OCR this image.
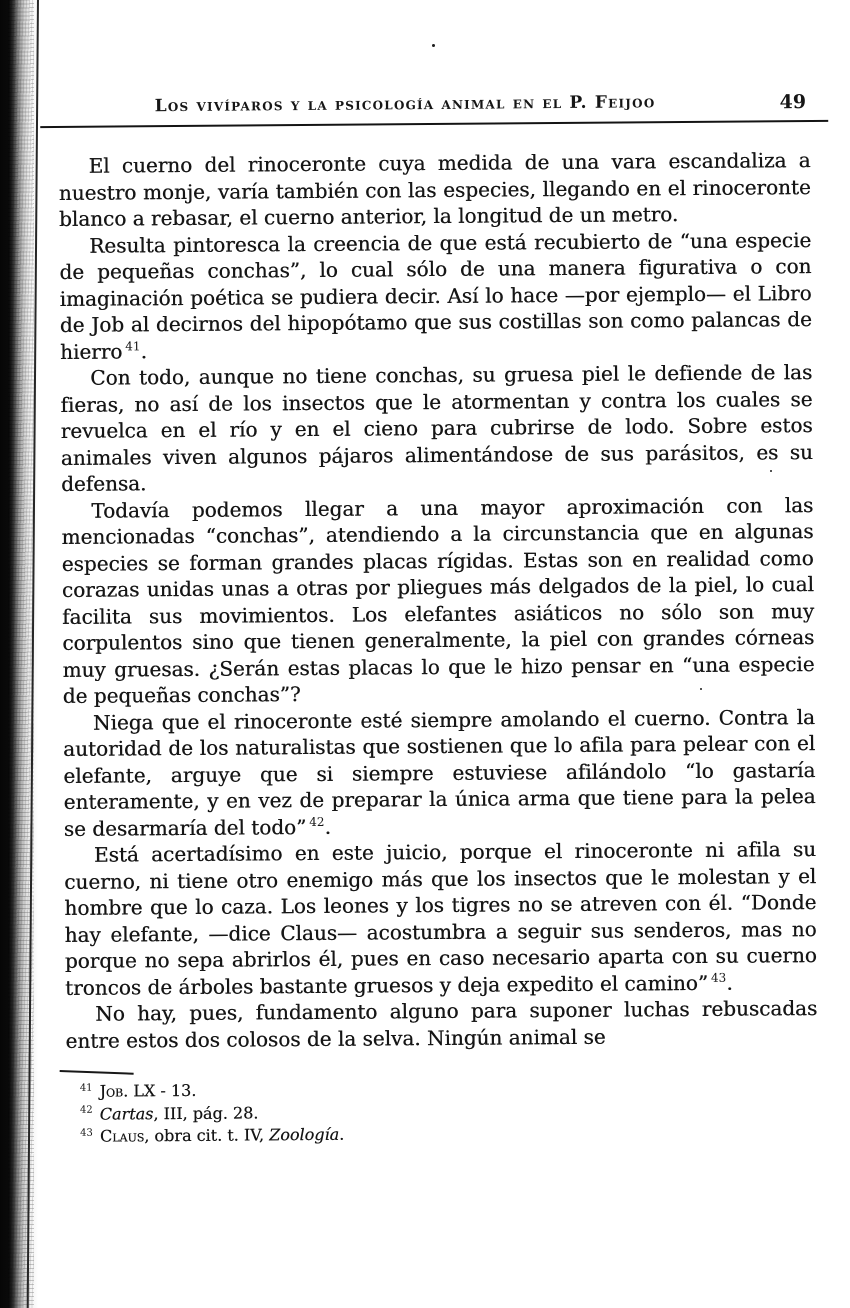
Los vivíparos y la psicología animal en el P. Feijoo	49

El cuerno del rinoceronte cuya medida de una vara escandaliza a nuestro monje, varía también con las especies, llegando en el rinoceronte blanco a rebasar, el cuerno anterior, la longitud de un metro.

Resulta pintoresca la creencia de que está recubierto de “una especie de pequeñas conchas”, lo cual sólo de una manera figurativa o con imaginación poética se pudiera decir. Así lo hace —por ejemplo— el Libro de Job al decirnos del hipopótamo que sus costillas son como palancas de hierro $^{41}$.

Con todo, aunque no tiene conchas, su gruesa piel le defiende de las fieras, no así de los insectos que le atormentan y contra los cuales se revuelca en el río y en el cieno para cubrirse de lodo. Sobre estos animales viven algunos pájaros alimentándose de sus parásitos, es su defensa.

Todavía podemos llegar a una mayor aproximación con las mencionadas “conchas”, atendiendo a la circunstancia que en algunas especies se forman grandes placas rígidas. Estas son en realidad como corazas unidas unas a otras por pliegues más delgados de la piel, lo cual facilita sus movimientos. Los elefantes asiáticos no sólo son muy corpulentos sino que tienen generalmente, la piel con grandes córneas muy gruesas. ¿Serán estas placas lo que le hizo pensar en “una especie de pequeñas conchas”?

Niega que el rinoceronte esté siempre amolando el cuerno. Contra la autoridad de los naturalistas que sostienen que lo afila para pelear con el elefante, arguye que si siempre estuviese afilándolo “lo gastaría enteramente, y en vez de preparar la única arma que tiene para la pelea se desarmaría del todo” $^{42}$.

Está acertadísimo en este juicio, porque el rinoceronte ni afila su cuerno, ni tiene otro enemigo más que los insectos que le molestan y el hombre que lo caza. Los leones y los tigres no se atreven con él. “Donde hay elefante, —dice Claus— acostumbra a seguir sus senderos, mas no porque no sepa abrirlos él, pues en caso necesario aparta con su cuerno troncos de árboles bastante gruesos y deja expedito el camino” $^{43}$.

No hay, pues, fundamento alguno para suponer luchas rebuscadas entre estos dos colosos de la selva. Ningún animal se

$^{41}$ Job. LX - 13.
$^{42}$ Cartas, III, pág. 28.
$^{43}$ Claus, obra cit. t. IV, Zoología.
